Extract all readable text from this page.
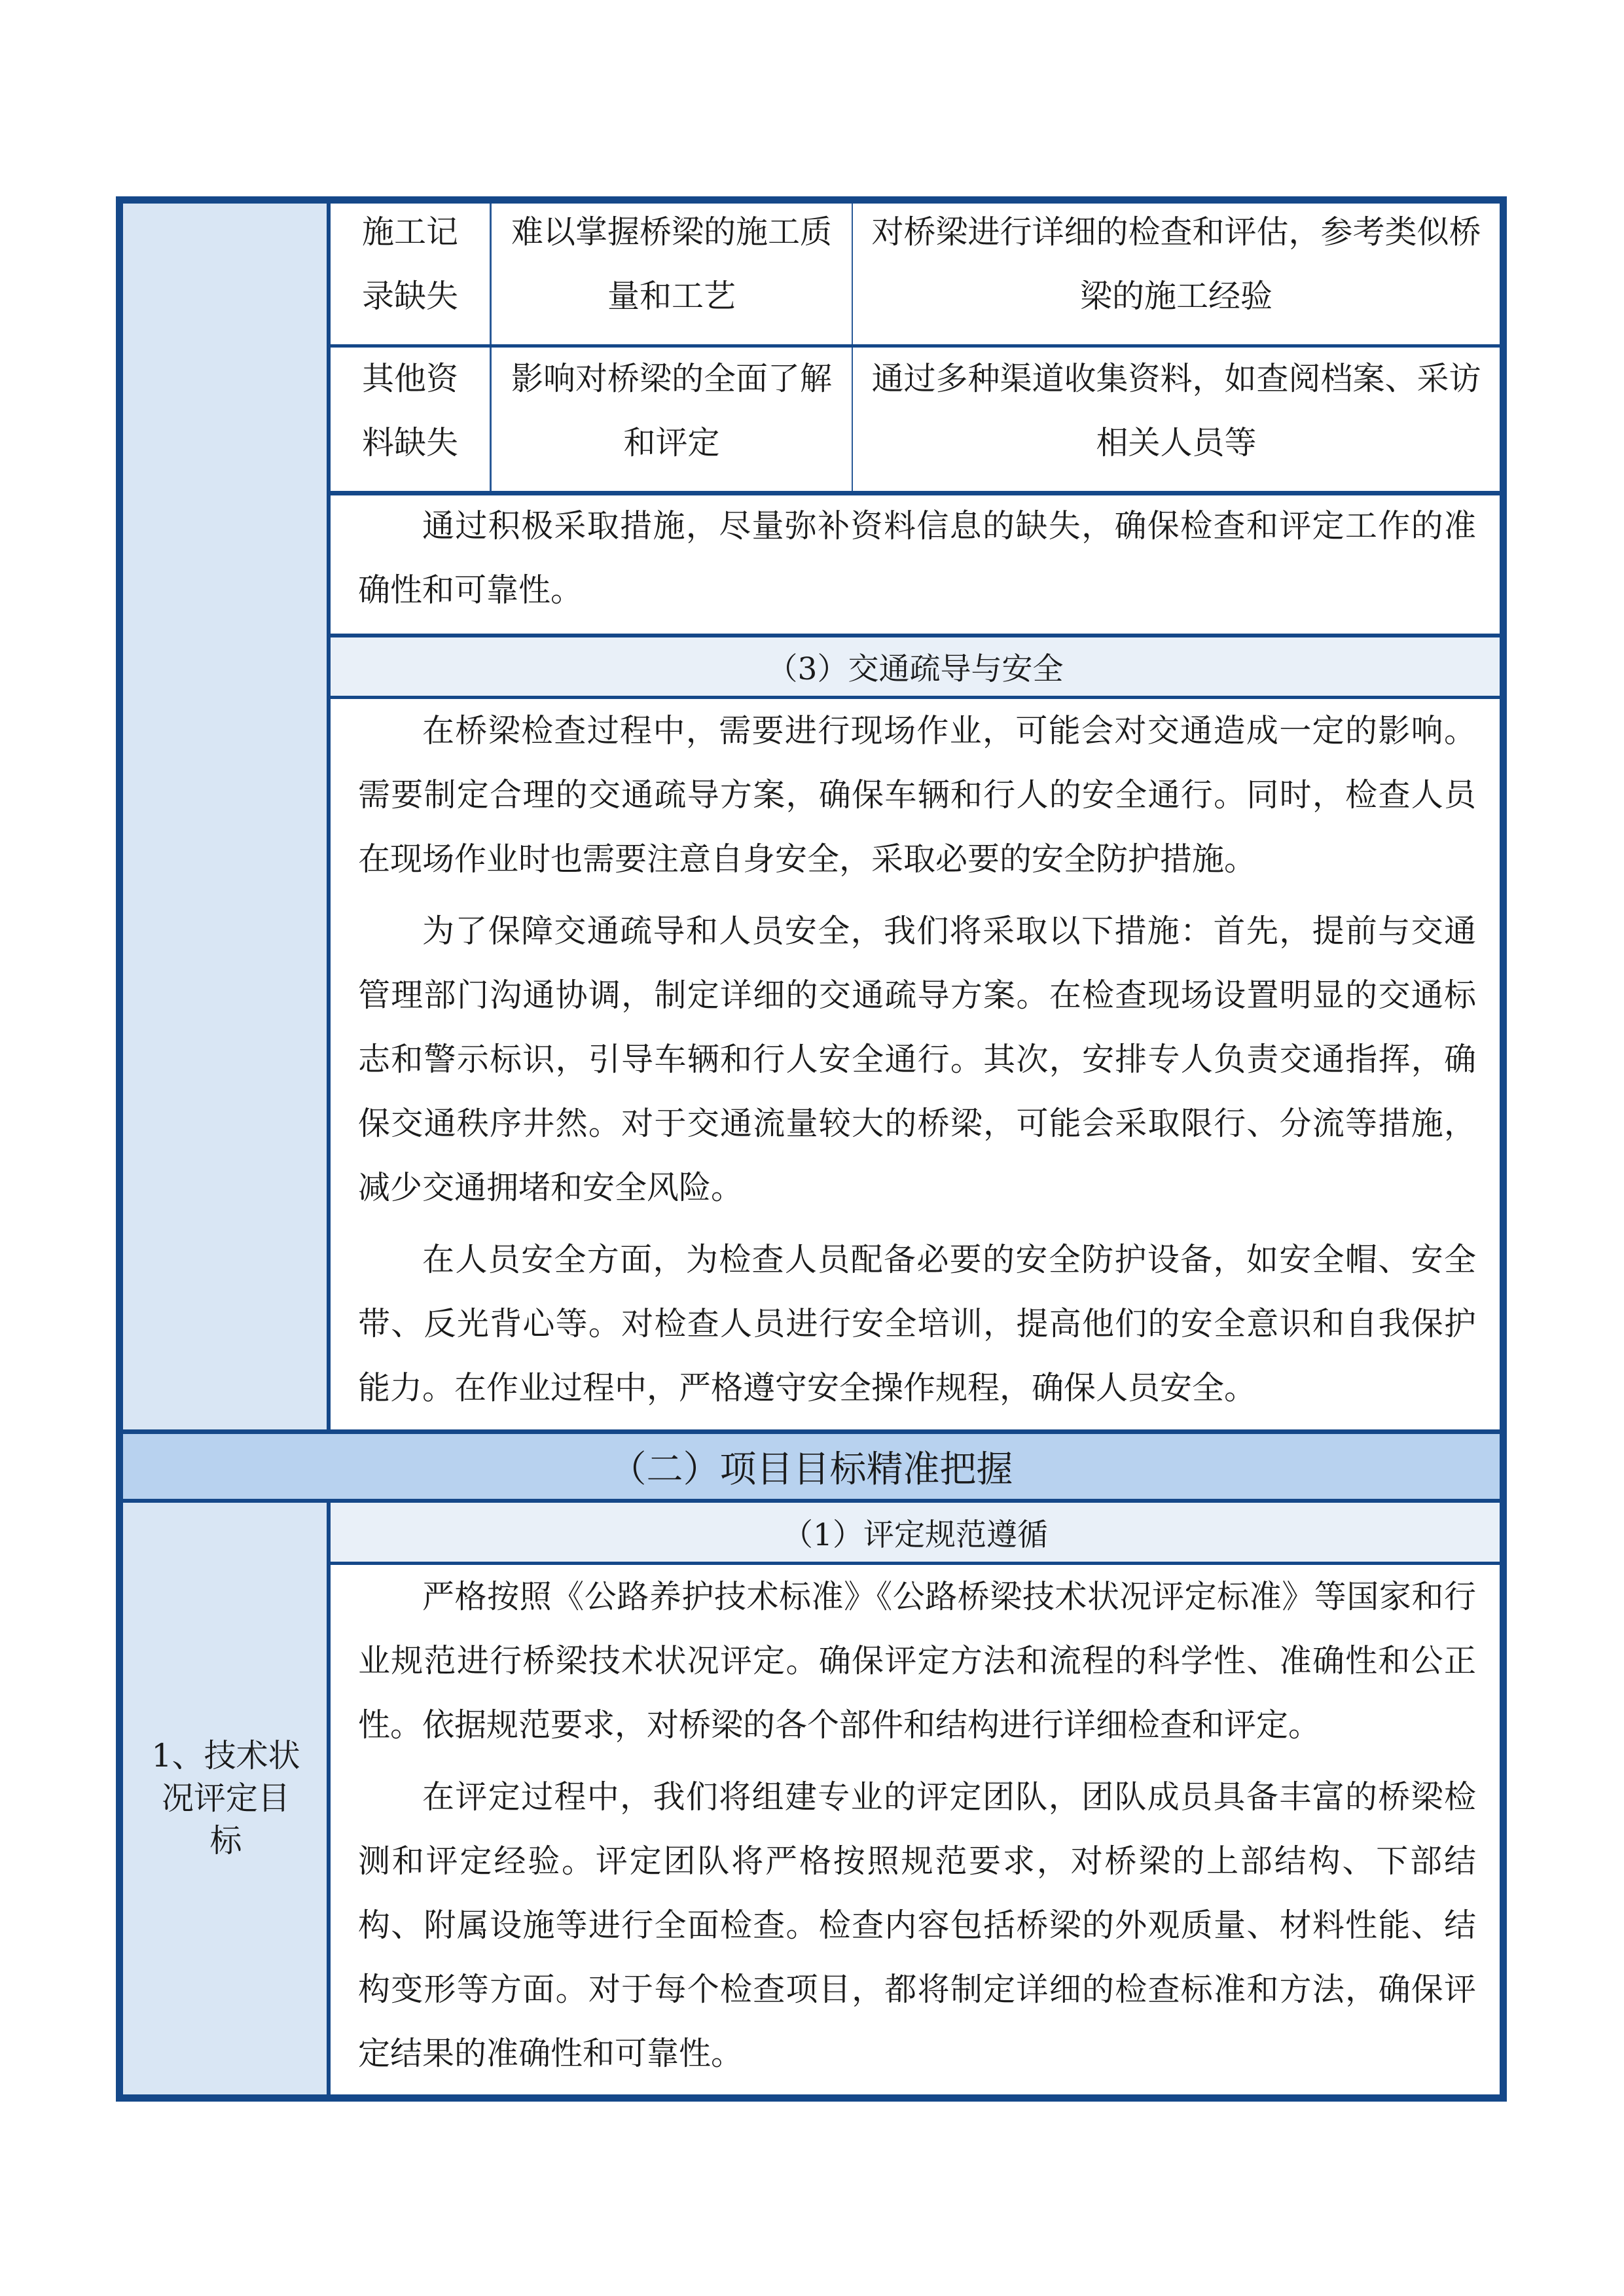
1、技术状况评定目标
施工记录缺失
难以掌握桥梁的施工质量和工艺
对桥梁进行详细的检查和评估，参考类似桥梁的施工经验
其他资料缺失
影响对桥梁的全面了解和评定
通过多种渠道收集资料，如查阅档案、采访相关人员等

通过积极采取措施，尽量弥补资料信息的缺失，确保检查和评定工作的准确性和可靠性。

（3）交通疏导与安全

在桥梁检查过程中，需要进行现场作业，可能会对交通造成一定的影响。需要制定合理的交通疏导方案，确保车辆和行人的安全通行。同时，检查人员在现场作业时也需要注意自身安全，采取必要的安全防护措施。

为了保障交通疏导和人员安全，我们将采取以下措施：首先，提前与交通管理部门沟通协调，制定详细的交通疏导方案。在检查现场设置明显的交通标志和警示标识，引导车辆和行人安全通行。其次，安排专人负责交通指挥，确保交通秩序井然。对于交通流量较大的桥梁，可能会采取限行、分流等措施，减少交通拥堵和安全风险。

在人员安全方面，为检查人员配备必要的安全防护设备，如安全帽、安全带、反光背心等。对检查人员进行安全培训，提高他们的安全意识和自我保护能力。在作业过程中，严格遵守安全操作规程，确保人员安全。

（二）项目目标精准把握
（1）评定规范遵循

严格按照《公路养护技术标准》《公路桥梁技术状况评定标准》等国家和行业规范进行桥梁技术状况评定。确保评定方法和流程的科学性、准确性和公正性。依据规范要求，对桥梁的各个部件和结构进行详细检查和评定。

在评定过程中，我们将组建专业的评定团队，团队成员具备丰富的桥梁检测和评定经验。评定团队将严格按照规范要求，对桥梁的上部结构、下部结构、附属设施等进行全面检查。检查内容包括桥梁的外观质量、材料性能、结构变形等方面。对于每个检查项目，都将制定详细的检查标准和方法，确保评定结果的准确性和可靠性。
